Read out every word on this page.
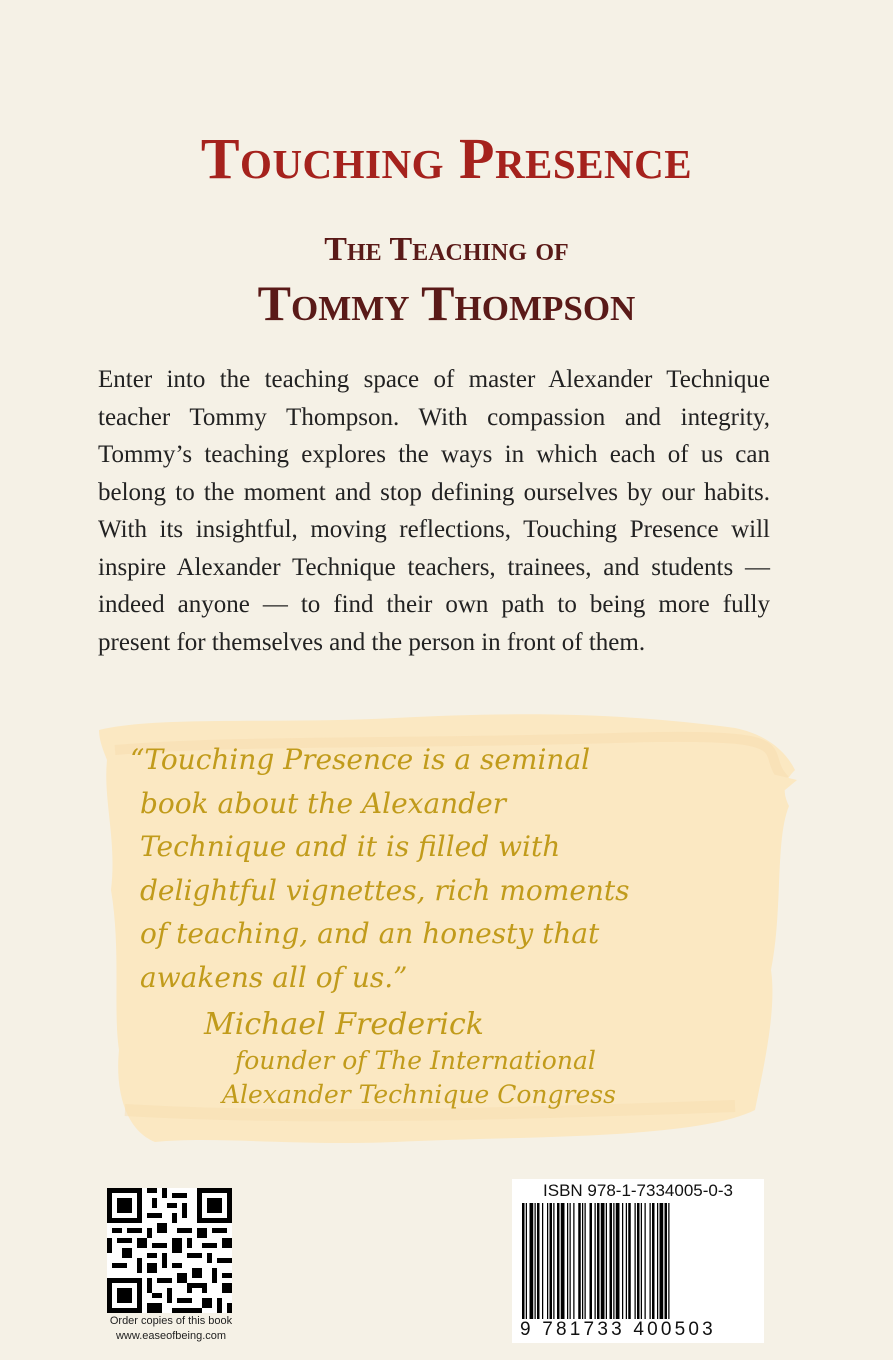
Touching Presence
The Teaching of
Tommy Thompson

Enter into the teaching space of master Alexander Technique teacher Tommy Thompson. With compassion and integrity, Tommy’s teaching explores the ways in which each of us can belong to the moment and stop defining ourselves by our habits. With its insightful, moving reflections, Touching Presence will inspire Alexander Technique teachers, trainees, and students — indeed anyone — to find their own path to being more fully present for themselves and the person in front of them.

“Touching Presence is a seminal
book about the Alexander
Technique and it is filled with
delightful vignettes, rich moments
of teaching, and an honesty that
awakens all of us.”
Michael Frederick
founder of The International
Alexander Technique Congress
Order copies of this book
www.easeofbeing.com
ISBN 978-1-7334005-0-3
9 781733 400503
